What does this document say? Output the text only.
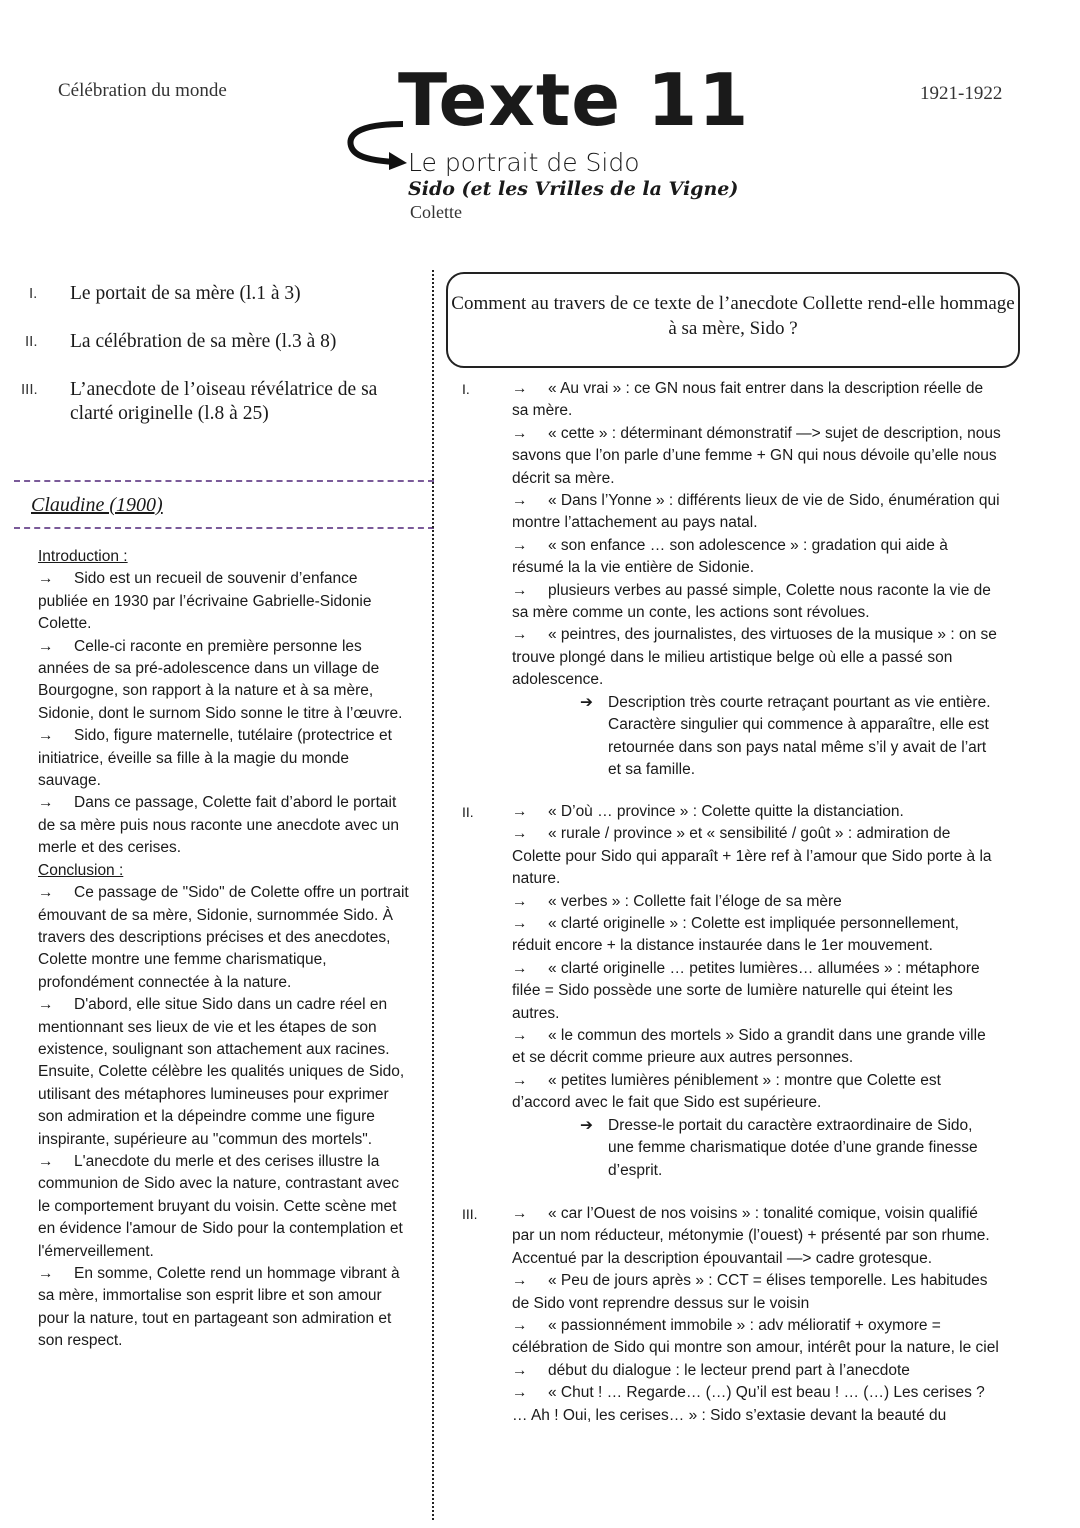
Célébration du monde	1921-1922
Texte 11
Le portrait de Sido
Sido (et les Vrilles de la Vigne)
Colette
I.	Le portait de sa mère (l.1 à 3)
II.	La célébration de sa mère (l.3 à 8)
III.	L’anecdote de l’oiseau révélatrice de sa clarté originelle (l.8 à 25)
Claudine (1900)
Introduction :
→ Sido est un recueil de souvenir d’enfance publiée en 1930 par l’écrivaine Gabrielle-Sidonie Colette.
→ Celle-ci raconte en première personne les années de sa pré-adolescence dans un village de Bourgogne, son rapport à la nature et à sa mère, Sidonie, dont le surnom Sido sonne le titre à l’œuvre.
→ Sido, figure maternelle, tutélaire (protectrice et initiatrice, éveille sa fille à la magie du monde sauvage.
→ Dans ce passage, Colette fait d’abord le portait de sa mère puis nous raconte une anecdote avec un merle et des cerises.
Conclusion :
→ Ce passage de "Sido" de Colette offre un portrait émouvant de sa mère, Sidonie, surnommée Sido. À travers des descriptions précises et des anecdotes, Colette montre une femme charismatique, profondément connectée à la nature.
→ D'abord, elle situe Sido dans un cadre réel en mentionnant ses lieux de vie et les étapes de son existence, soulignant son attachement aux racines. Ensuite, Colette célèbre les qualités uniques de Sido, utilisant des métaphores lumineuses pour exprimer son admiration et la dépeindre comme une figure inspirante, supérieure au "commun des mortels".
→ L'anecdote du merle et des cerises illustre la communion de Sido avec la nature, contrastant avec le comportement bruyant du voisin. Cette scène met en évidence l'amour de Sido pour la contemplation et l'émerveillement.
→ En somme, Colette rend un hommage vibrant à sa mère, immortalise son esprit libre et son amour pour la nature, tout en partageant son admiration et son respect.
Comment au travers de ce texte de l’anecdote Collette rend-elle hommage à sa mère, Sido ?
I.	→ « Au vrai » : ce GN nous fait entrer dans la description réelle de sa mère.
→ « cette » : déterminant démonstratif —> sujet de description, nous savons que l’on parle d’une femme + GN qui nous dévoile qu’elle nous décrit sa mère.
→ « Dans l’Yonne » : différents lieux de vie de Sido, énumération qui montre l’attachement au pays natal.
→ « son enfance … son adolescence » : gradation qui aide à résumé la la vie entière de Sidonie.
→ plusieurs verbes au passé simple, Colette nous raconte la vie de sa mère comme un conte, les actions sont révolues.
→ « peintres, des journalistes, des virtuoses de la musique » : on se trouve plongé dans le milieu artistique belge où elle a passé son adolescence.
➔ Description très courte retraçant pourtant as vie entière. Caractère singulier qui commence à apparaître, elle est retournée dans son pays natal même s’il y avait de l’art et sa famille.
II. → « D’où … province » : Colette quitte la distanciation.
→ « rurale / province » et « sensibilité / goût » : admiration de Colette pour Sido qui apparaît + 1ère ref à l’amour que Sido porte à la nature.
→ « verbes » : Collette fait l’éloge de sa mère
→ « clarté originelle » : Colette est impliquée personnellement, réduit encore + la distance instaurée dans le 1er mouvement.
→ « clarté originelle … petites lumières… allumées » : métaphore filée = Sido possède une sorte de lumière naturelle qui éteint les autres.
→ « le commun des mortels » Sido a grandit dans une grande ville et se décrit comme prieure aux autres personnes.
→ « petites lumières péniblement » : montre que Colette est d’accord avec le fait que Sido est supérieure.
➔ Dresse-le portait du caractère extraordinaire de Sido, une femme charismatique dotée d’une grande finesse d’esprit.
III. → « car l’Ouest de nos voisins » : tonalité comique, voisin qualifié par un nom réducteur, métonymie (l’ouest) + présenté par son rhume. Accentué par la description épouvantail —> cadre grotesque.
→ « Peu de jours après » : CCT = élises temporelle. Les habitudes de Sido vont reprendre dessus sur le voisin
→ « passionnément immobile » : adv mélioratif + oxymore = célébration de Sido qui montre son amour, intérêt pour la nature, le ciel
→ début du dialogue : le lecteur prend part à l’anecdote
→ « Chut ! … Regarde… (…) Qu’il est beau ! … (…) Les cerises ? … Ah ! Oui, les cerises… » : Sido s’extasie devant la beauté du
